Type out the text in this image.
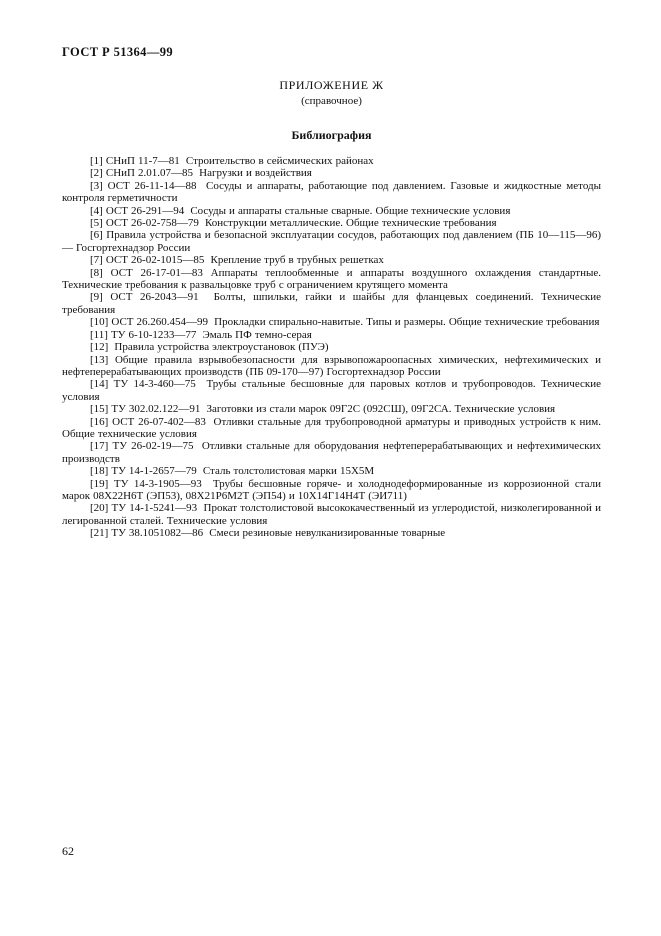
ГОСТ Р 51364—99
ПРИЛОЖЕНИЕ Ж
(справочное)
Библиография

[1] СНиП 11-7—81  Строительство в сейсмических районах

[2] СНиП 2.01.07—85  Нагрузки и воздействия

[3] ОСТ 26-11-14—88  Сосуды и аппараты, работающие под давлением. Газовые и жидкостные методы контроля герметичности

[4] ОСТ 26-291—94  Сосуды и аппараты стальные сварные. Общие технические условия

[5] ОСТ 26-02-758—79  Конструкции металлические. Общие технические требования

[6] Правила устройства и безопасной эксплуатации сосудов, работающих под давлением (ПБ 10—115—96) — Госгортехнадзор России

[7] ОСТ 26-02-1015—85  Крепление труб в трубных решетках

[8] ОСТ 26-17-01—83 Аппараты теплообменные и аппараты воздушного охлаждения стандартные. Технические требования к развальцовке труб с ограничением крутящего момента

[9] ОСТ 26-2043—91  Болты, шпильки, гайки и шайбы для фланцевых соединений. Технические требования

[10] ОСТ 26.260.454—99  Прокладки спирально-навитые. Типы и размеры. Общие технические требования

[11] ТУ 6-10-1233—77  Эмаль ПФ темно-серая

[12]  Правила устройства электроустановок (ПУЭ)

[13] Общие правила взрывобезопасности для взрывопожароопасных химических, нефтехимических и нефтеперерабатывающих производств (ПБ 09-170—97) Госгортехнадзор России

[14] ТУ 14-3-460—75  Трубы стальные бесшовные для паровых котлов и трубопроводов. Технические условия

[15] ТУ 302.02.122—91  Заготовки из стали марок 09Г2С (092СШ), 09Г2СА. Технические условия

[16] ОСТ 26-07-402—83  Отливки стальные для трубопроводной арматуры и приводных устройств к ним. Общие технические условия

[17] ТУ 26-02-19—75  Отливки стальные для оборудования нефтеперерабатывающих и нефтехимических производств

[18] ТУ 14-1-2657—79  Сталь толстолистовая марки 15Х5М

[19] ТУ 14-3-1905—93  Трубы бесшовные горяче- и холоднодеформированные из коррозионной стали марок 08Х22Н6Т (ЭП53), 08Х21Р6М2Т (ЭП54) и 10Х14Г14Н4Т (ЭИ711)

[20] ТУ 14-1-5241—93  Прокат толстолистовой высококачественный из углеродистой, низколегированной и легированной сталей. Технические условия

[21] ТУ 38.1051082—86  Смеси резиновые невулканизированные товарные

62
